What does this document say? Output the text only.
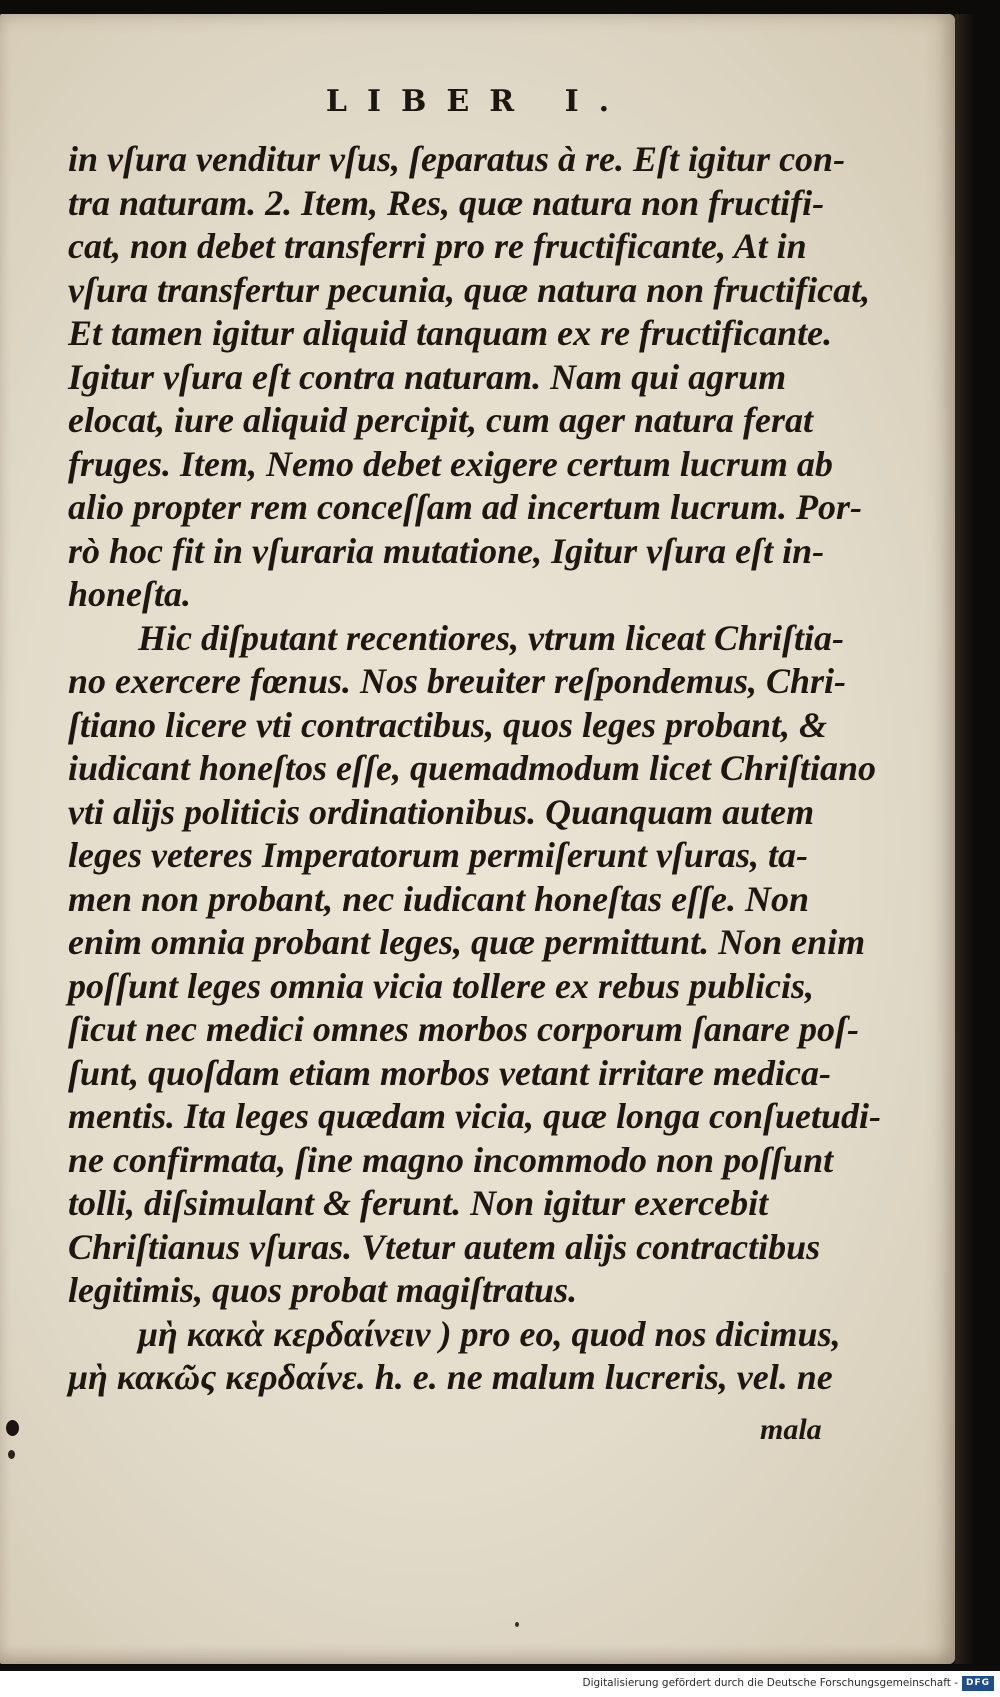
LIBER I.
in vſura venditur vſus, ſeparatus à re. Eſt igitur con-
tra naturam. 2. Item, Res, quæ natura non fructifi-
cat, non debet transferri pro re fructificante, At in
vſura transfertur pecunia, quæ natura non fructificat,
Et tamen igitur aliquid tanquam ex re fructificante.
Igitur vſura eſt contra naturam. Nam qui agrum
elocat, iure aliquid percipit, cum ager natura ferat
fruges. Item, Nemo debet exigere certum lucrum ab
alio propter rem conceſſam ad incertum lucrum. Por-
rò hoc fit in vſuraria mutatione, Igitur vſura eſt in-
honeſta.
Hic diſputant recentiores, vtrum liceat Chriſtia-
no exercere fœnus. Nos breuiter reſpondemus, Chri-
ſtiano licere vti contractibus, quos leges probant, &
iudicant honeſtos eſſe, quemadmodum licet Chriſtiano
vti alijs politicis ordinationibus. Quanquam autem
leges veteres Imperatorum permiſerunt vſuras, ta-
men non probant, nec iudicant honeſtas eſſe. Non
enim omnia probant leges, quæ permittunt. Non enim
poſſunt leges omnia vicia tollere ex rebus publicis,
ſicut nec medici omnes morbos corporum ſanare poſ-
ſunt, quoſdam etiam morbos vetant irritare medica-
mentis. Ita leges quædam vicia, quæ longa conſuetudi-
ne confirmata, ſine magno incommodo non poſſunt
tolli, diſsimulant & ferunt. Non igitur exercebit
Chriſtianus vſuras. Vtetur autem alijs contractibus
legitimis, quos probat magiſtratus.
μὴ κακὰ κερδαίνειν ) pro eo, quod nos dicimus,
μὴ κακῶς κερδαίνε. h. e. ne malum lucreris, vel. ne
mala
Digitalisierung gefördert durch die Deutsche Forschungsgemeinschaft - DFG
